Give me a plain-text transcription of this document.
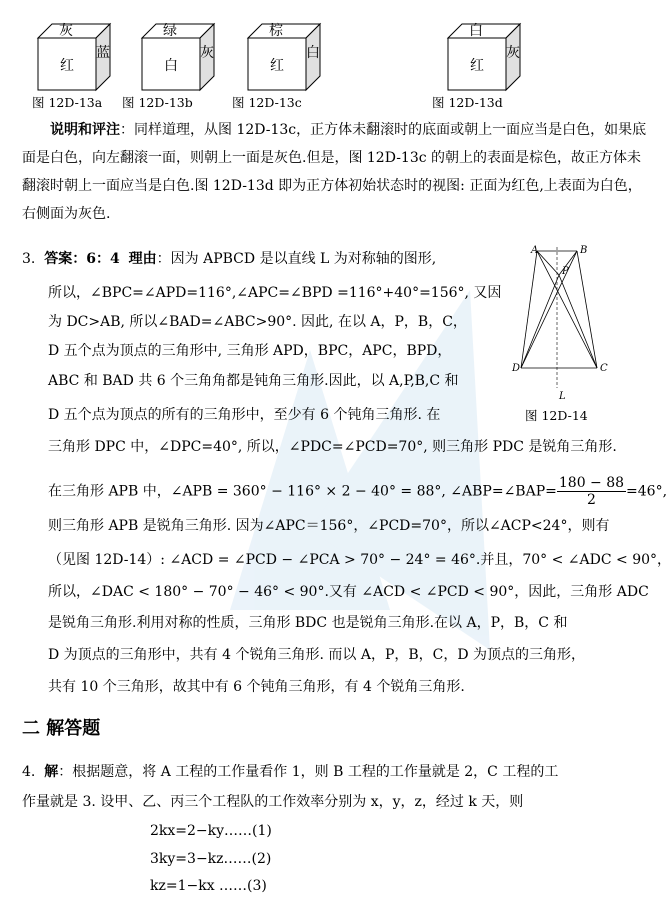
灰
红
蓝
绿
白
灰
棕
红
白
白
红
灰
图 12D-13a 图 12D-13b	图 12D-13c	图 12D-13d
说明和评注：同样道理，从图 12D-13c，正方体未翻滚时的底面或朝上一面应当是白色，如果底
面是白色，向左翻滚一面，则朝上一面是灰色.但是，图 12D-13c 的朝上的表面是棕色，故正方体未
翻滚时朝上一面应当是白色.图 12D-13d 即为正方体初始状态时的视图: 正面为红色,上表面为白色，
右侧面为灰色.
3. 答案：6：4 理由：因为 APBCD 是以直线 L 为对称轴的图形,
所以，∠BPC=∠APD=116°,∠APC=∠BPD =116°+40°=156°, 又因
为 DC>AB, 所以∠BAD=∠ABC>90°. 因此, 在以 A，P，B，C，
D 五个点为顶点的三角形中, 三角形 APD，BPC，APC，BPD，
ABC 和 BAD 共 6 个三角角都是钝角三角形.因此，以 A,P,B,C 和
D 五个点为顶点的所有的三角形中，至少有 6 个钝角三角形. 在
三角形 DPC 中，∠DPC=40°, 所以，∠PDC=∠PCD=70°, 则三角形 PDC 是锐角三角形.
在三角形 APB 中，∠APB = 360° − 116° × 2 − 40° = 88°, ∠ABP=∠BAP= $\frac{180 - 88}{2} =46^\circ$,
则三角形 APB 是锐角三角形. 因为∠APC＝156°，∠PCD=70°，所以∠ACP<24°，则有
（见图 12D-14）: ∠ACD = ∠PCD − ∠PCA > 70° − 24° = 46°.并且，70° < ∠ADC < 90°，
所以，∠DAC < 180° − 70° − 46° < 90°.又有 ∠ACD < ∠PCD < 90°，因此，三角形 ADC
是锐角三角形.利用对称的性质，三角形 BDC 也是锐角三角形.在以 A，P，B，C 和
D 为顶点的三角形中，共有 4 个锐角三角形. 而以 A，P，B，C，D 为顶点的三角形，
共有 10 个三角形，故其中有 6 个钝角三角形，有 4 个锐角三角形.
A	B
P
D	C
L
图 12D-14
二 解答题
4. 解：根据题意，将 A 工程的工作量看作 1，则 B 工程的工作量就是 2，C 工程的工
作量就是 3. 设甲、乙、丙三个工程队的工作效率分别为 x，y，z，经过 k 天，则
2kx=2−ky……(1)
3ky=3−kz……(2)
kz=1−kx ……(3)
